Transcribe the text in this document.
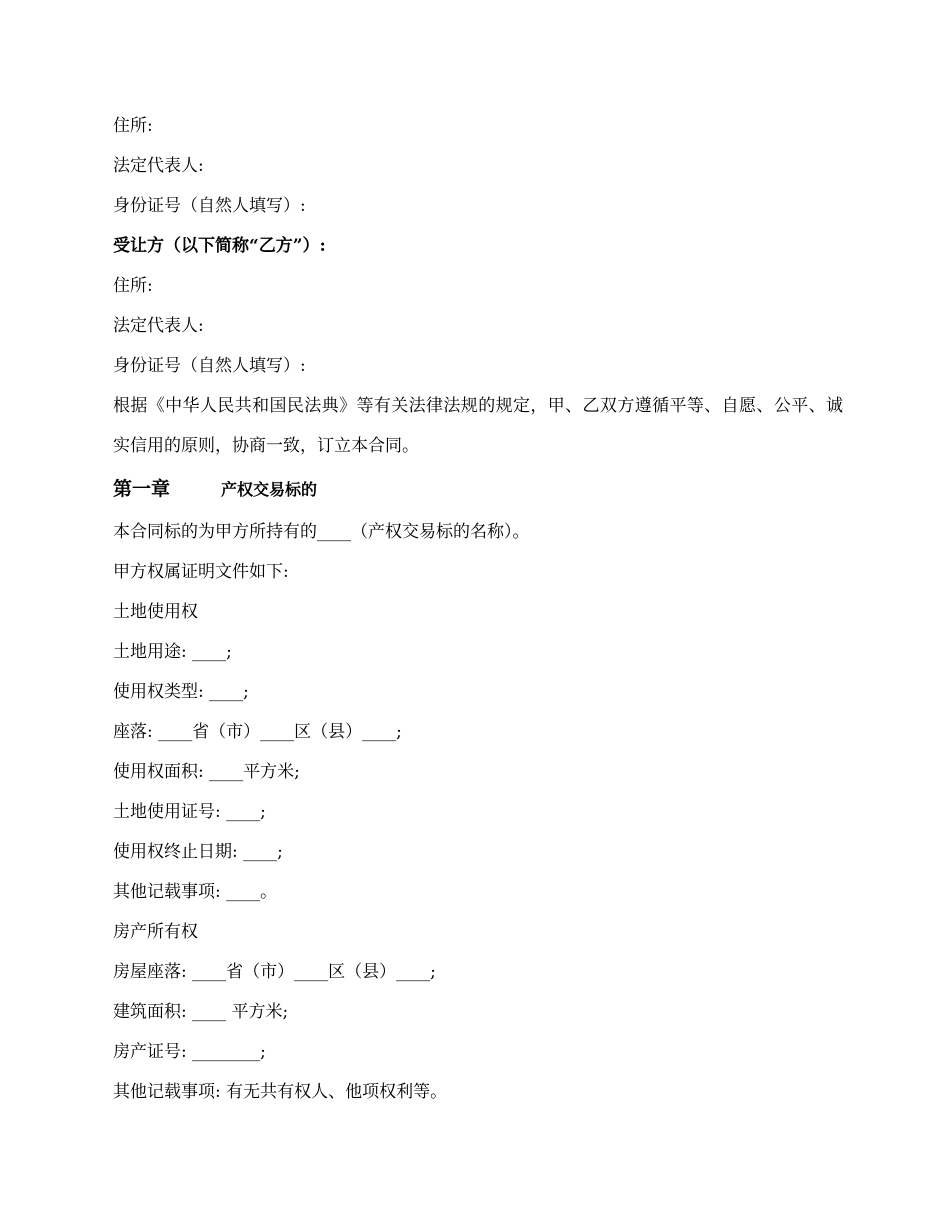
住所:

法定代表人:

身份证号（自然人填写）:

受让方（以下简称“乙方”）:

住所:

法定代表人:

身份证号（自然人填写）:

根据《中华人民共和国民法典》等有关法律法规的规定，甲、乙双方遵循平等、自愿、公平、诚实信用的原则，协商一致，订立本合同。

第一章	产权交易标的

本合同标的为甲方所持有的____（产权交易标的名称）。

甲方权属证明文件如下:

土地使用权

土地用途: ____;

使用权类型: ____;

座落: ____省（市）____区（县）____;

使用权面积: ____平方米;

土地使用证号: ____;

使用权终止日期: ____;

其他记载事项: ____。

房产所有权

房屋座落: ____省（市）____区（县）____;

建筑面积: ____ 平方米;

房产证号: ________;

其他记载事项: 有无共有权人、他项权利等。
